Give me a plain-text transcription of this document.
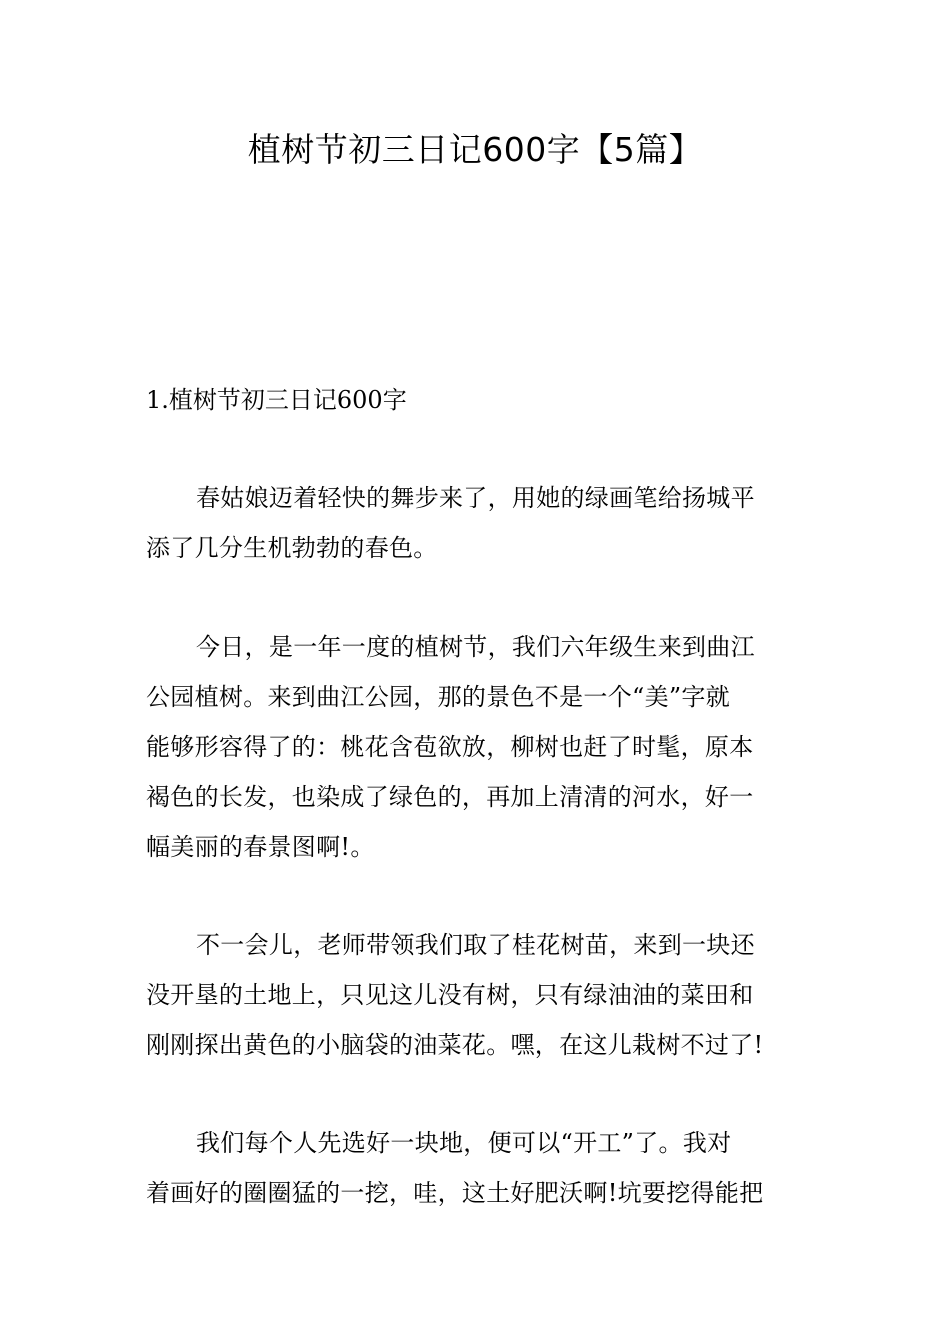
植树节初三日记600字【5篇】

1.植树节初三日记600字

春姑娘迈着轻快的舞步来了，用她的绿画笔给扬城平
添了几分生机勃勃的春色。
今日，是一年一度的植树节，我们六年级生来到曲江
公园植树。来到曲江公园，那的景色不是一个“美”字就
能够形容得了的：桃花含苞欲放，柳树也赶了时髦，原本
褐色的长发，也染成了绿色的，再加上清清的河水，好一
幅美丽的春景图啊!。
不一会儿，老师带领我们取了桂花树苗，来到一块还
没开垦的土地上，只见这儿没有树，只有绿油油的菜田和
刚刚探出黄色的小脑袋的油菜花。嘿，在这儿栽树不过了!
我们每个人先选好一块地，便可以“开工”了。我对
着画好的圈圈猛的一挖，哇，这土好肥沃啊!坑要挖得能把
